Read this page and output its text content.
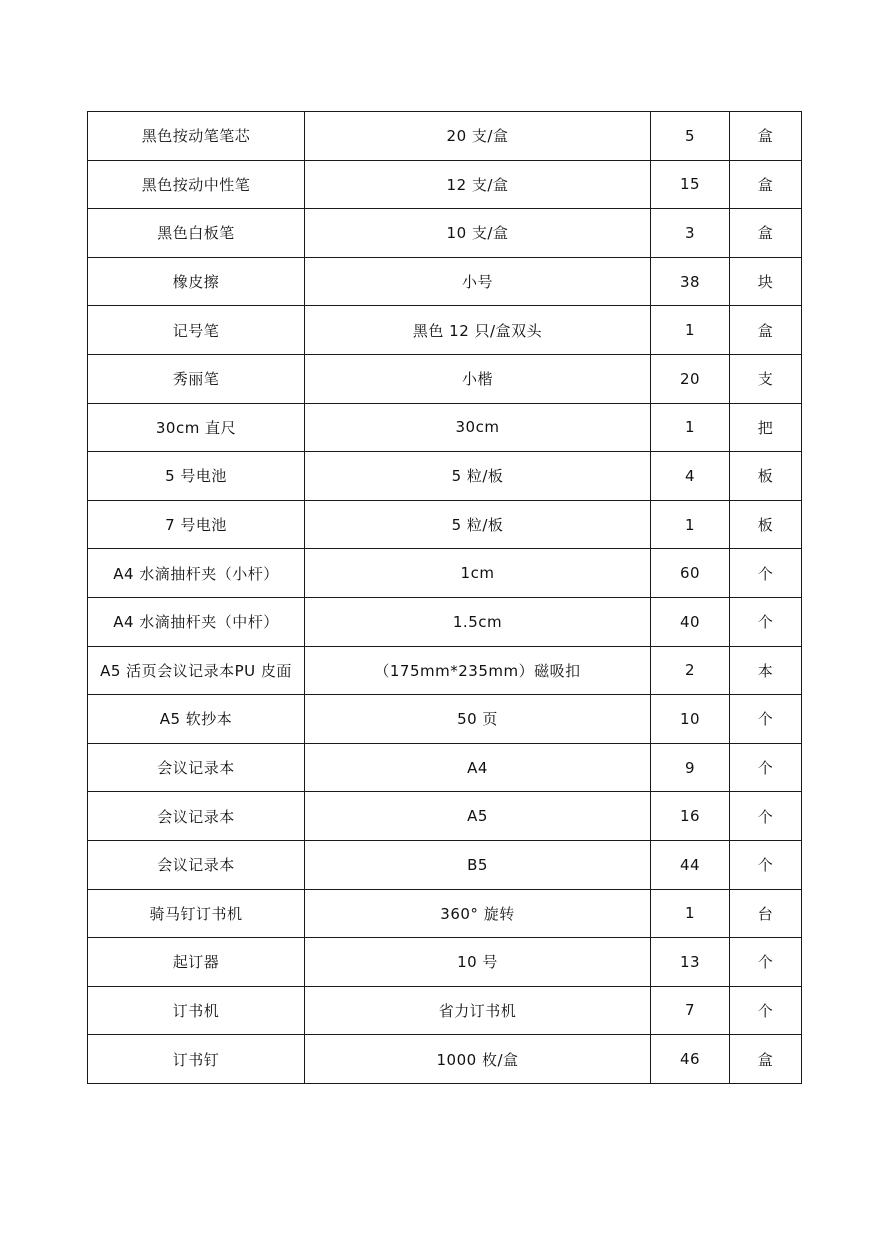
黑色按动笔笔芯	20 支/盒	5	盒
黑色按动中性笔	12 支/盒	15	盒
黑色白板笔	10 支/盒	3	盒
橡皮擦	小号	38	块
记号笔	黑色 12 只/盒双头	1	盒
秀丽笔	小楷	20	支
30cm 直尺	30cm	1	把
5 号电池	5 粒/板	4	板
7 号电池	5 粒/板	1	板
A4 水滴抽杆夹（小杆）	1cm	60	个
A4 水滴抽杆夹（中杆）	1.5cm	40	个
A5 活页会议记录本PU 皮面	（175mm*235mm）磁吸扣	2	本
A5 软抄本	50 页	10	个
会议记录本	A4	9	个
会议记录本	A5	16	个
会议记录本	B5	44	个
骑马钉订书机	360° 旋转	1	台
起订器	10 号	13	个
订书机	省力订书机	7	个
订书钉	1000 枚/盒	46	盒
